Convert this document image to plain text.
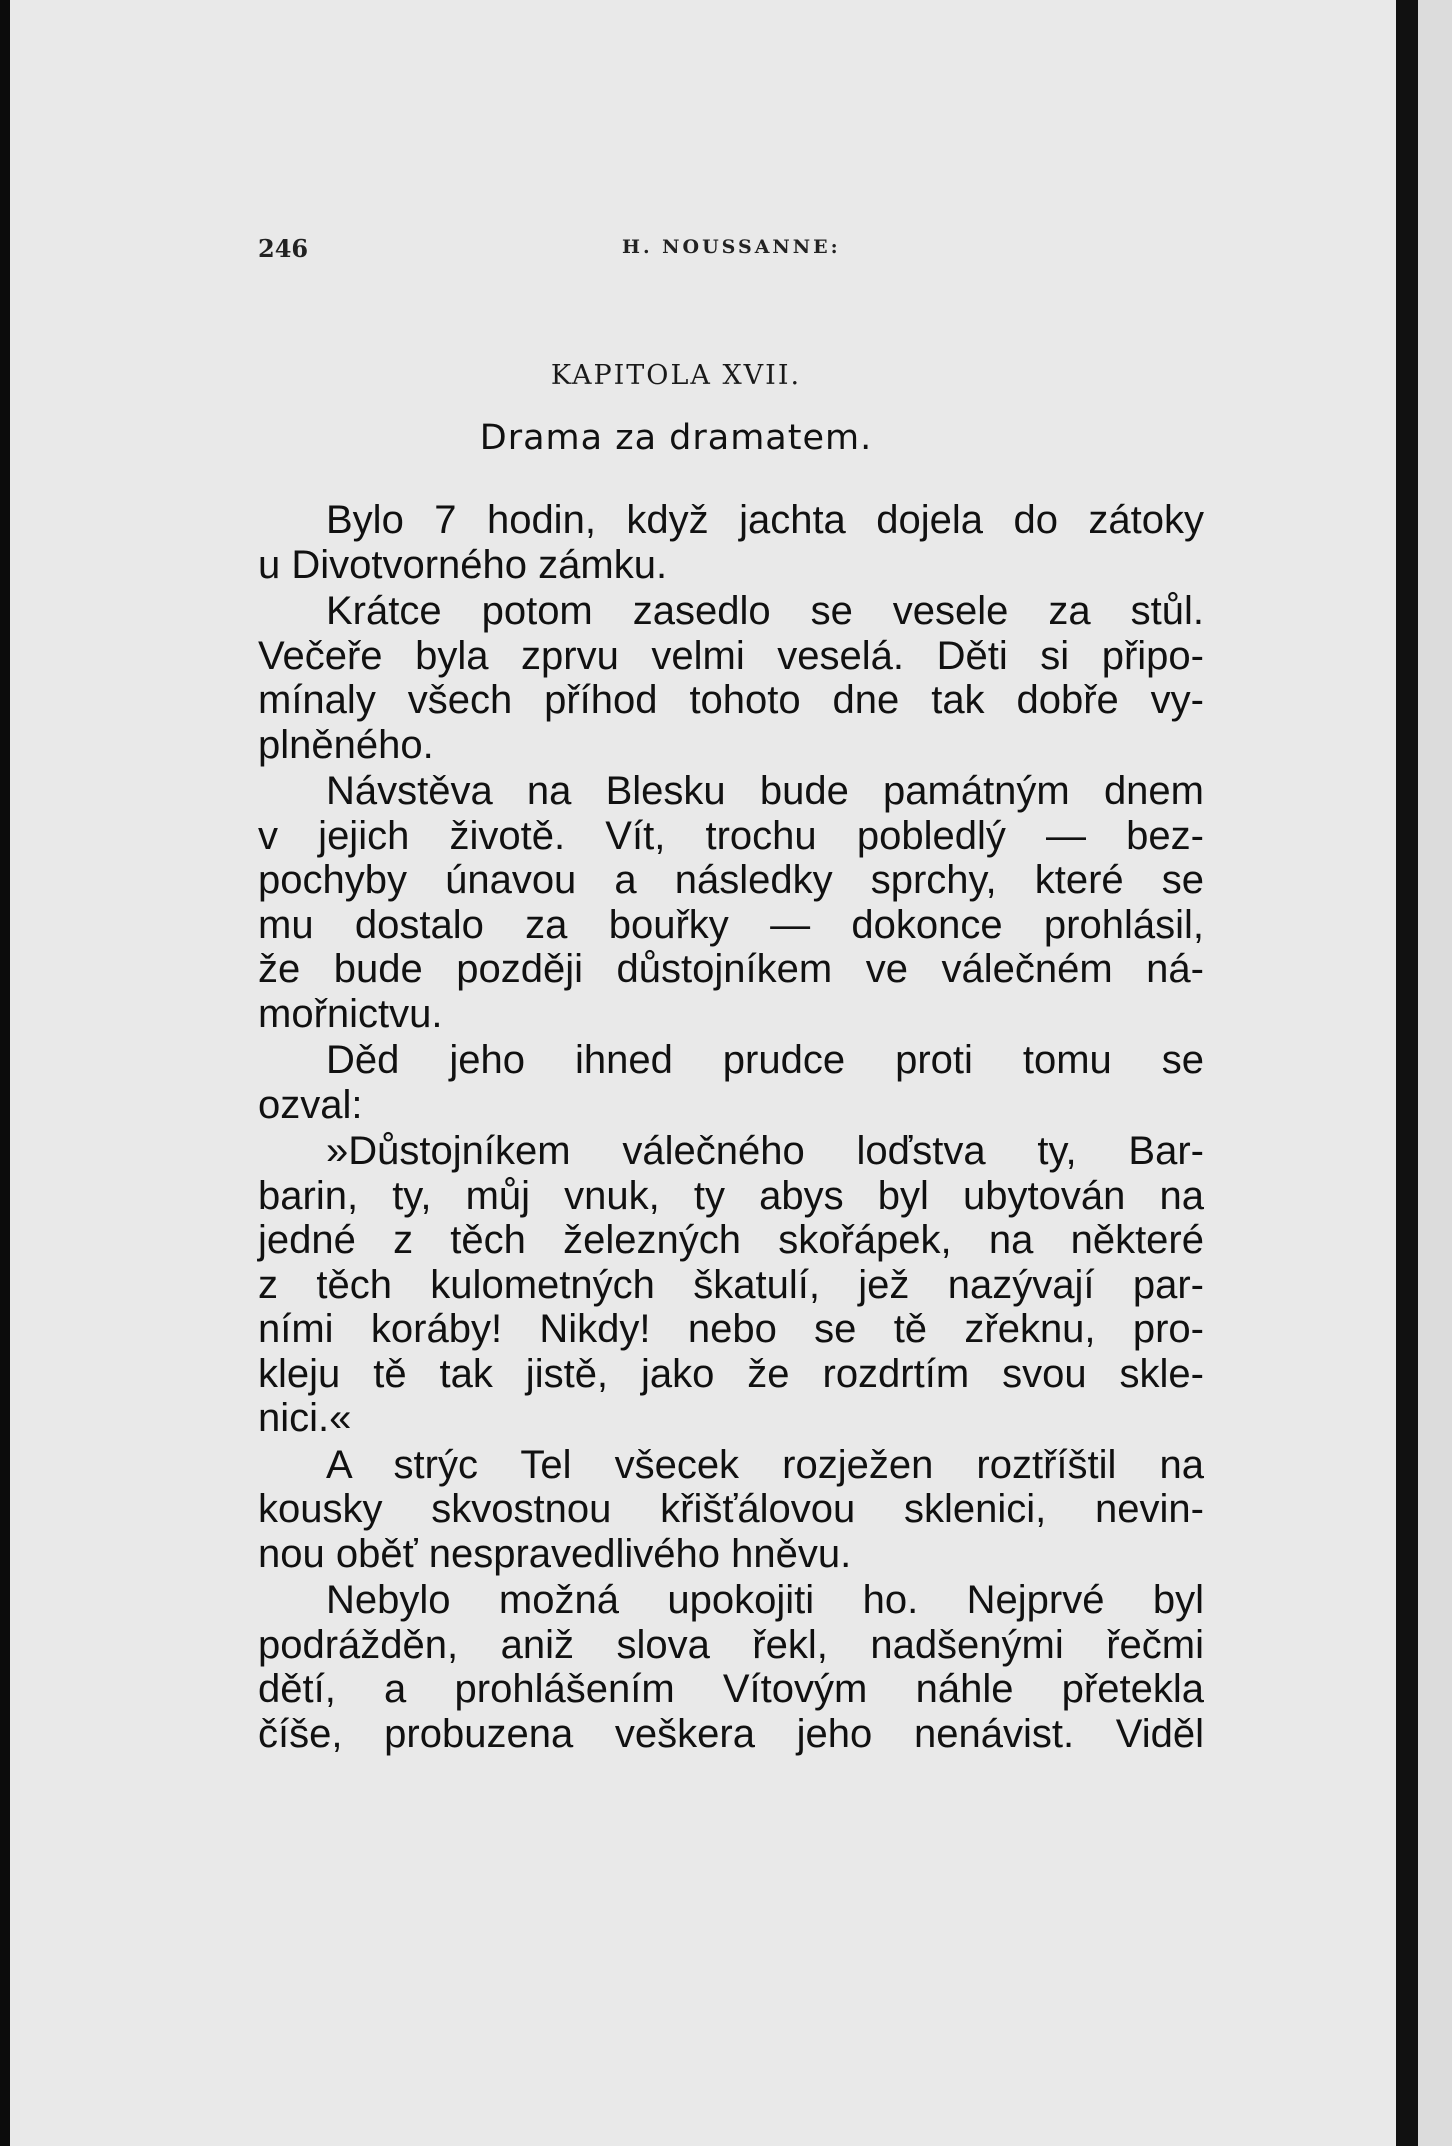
246	H. NOUSSANNE:
KAPITOLA XVII.
Drama za dramatem.
Bylo 7 hodin, když jachta dojela do zátoky
u Divotvorného zámku.
Krátce potom zasedlo se vesele za stůl.
Večeře byla zprvu velmi veselá. Děti si připo-
mínaly všech příhod tohoto dne tak dobře vy-
plněného.
Návstěva na Blesku bude památným dnem
v jejich životě. Vít, trochu pobledlý — bez-
pochyby únavou a následky sprchy, které se
mu dostalo za bouřky — dokonce prohlásil,
že bude později důstojníkem ve válečném ná-
mořnictvu.
Děd jeho ihned prudce proti tomu se
ozval:
»Důstojníkem válečného loďstva ty, Bar-
barin, ty, můj vnuk, ty abys byl ubytován na
jedné z těch železných skořápek, na některé
z těch kulometných škatulí, jež nazývají par-
ními koráby! Nikdy! nebo se tě zřeknu, pro-
kleju tě tak jistě, jako že rozdrtím svou skle-
nici.«
A strýc Tel všecek rozježen roztříštil na
kousky skvostnou křišťálovou sklenici, nevin-
nou oběť nespravedlivého hněvu.
Nebylo možná upokojiti ho. Nejprvé byl
podrážděn, aniž slova řekl, nadšenými řečmi
dětí, a prohlášením Vítovým náhle přetekla
číše, probuzena veškera jeho nenávist. Viděl
